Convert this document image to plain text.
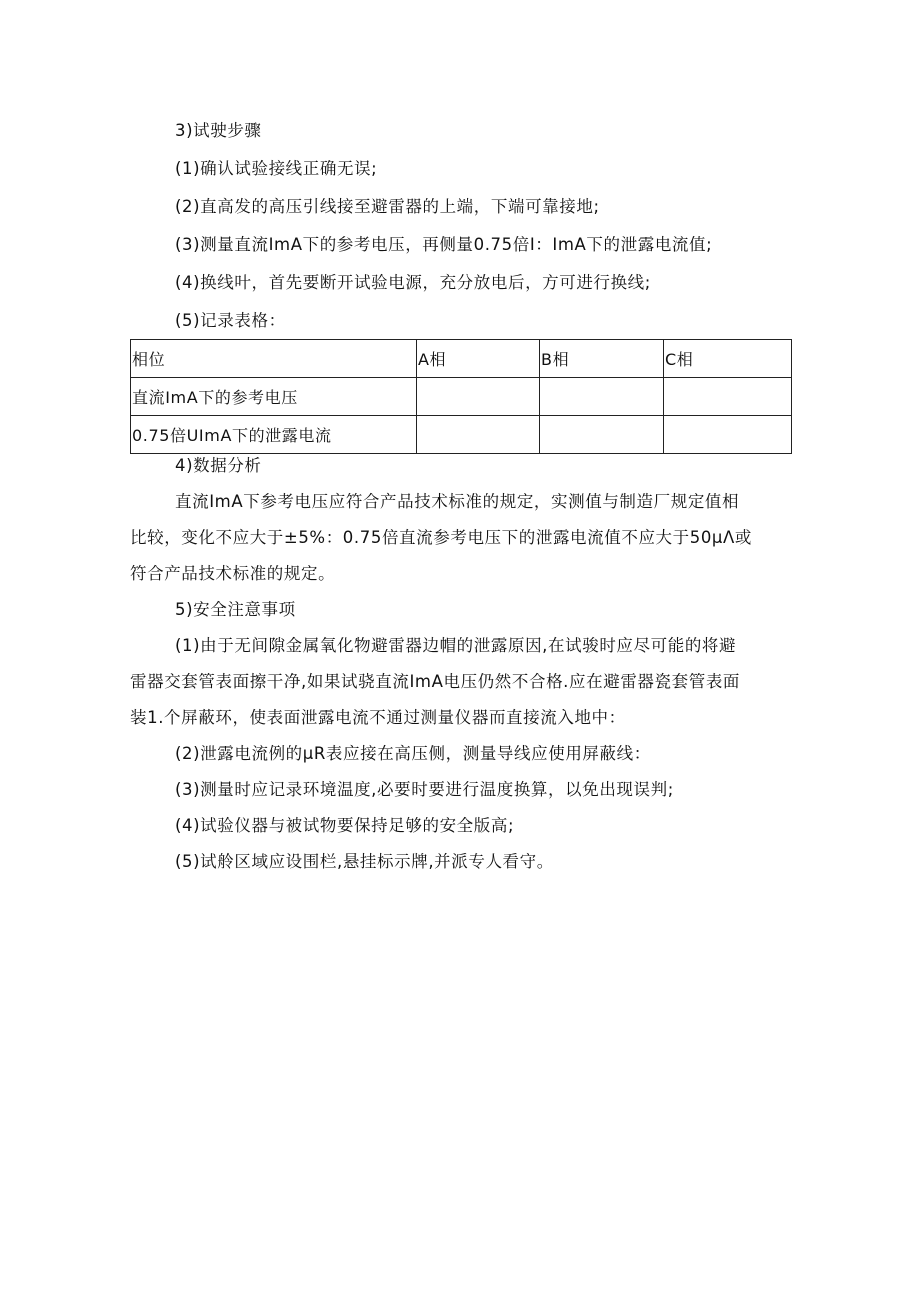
3)试驶步骤
(1)确认试验接线正确无误;
(2)直高发的高压引线接至避雷器的上端，下端可靠接地;
(3)测量直流ImA下的参考电压，再侧量0.75倍I：ImA下的泄露电流值;
(4)换线叶，首先要断开试验电源，充分放电后，方可进行换线;
(5)记录表格：
相位	A相	B相	C相
直流ImA下的参考电压			
0.75倍UImA下的泄露电流			
4)数据分析
直流ImA下参考电压应符合产品技术标准的规定，实测值与制造厂规定值相
比较，变化不应大于±5%：0.75倍直流参考电压下的泄露电流值不应大于50μΛ或
符合产品技术标准的规定。
5)安全注意事项
(1)由于无间隙金属氧化物避雷器边帽的泄露原因,在试骏时应尽可能的将避
雷器交套管表面擦干净,如果试骁直流ImA电压仍然不合格.应在避雷器瓷套管表面
装1.个屏蔽环，使表面泄露电流不通过测量仪器而直接流入地中：
(2)泄露电流例的μR表应接在高压侧，测量导线应使用屏蔽线：
(3)测量时应记录环境温度,必要时要进行温度换算，以免出现误判;
(4)试验仪器与被试物要保持足够的安全版高;
(5)试舲区域应设围栏,悬挂标示牌,并派专人看守。
